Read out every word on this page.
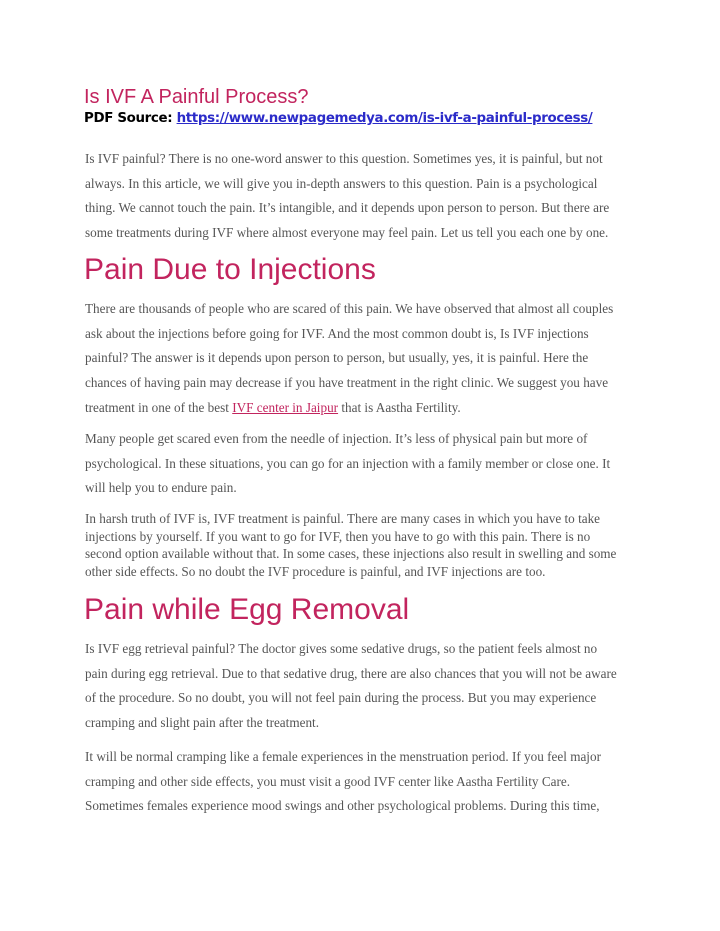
Is IVF A Painful Process?

PDF Source: https://www.newpagemedya.com/is-ivf-a-painful-process/

Is IVF painful? There is no one-word answer to this question. Sometimes yes, it is painful, but not
always. In this article, we will give you in-depth answers to this question. Pain is a psychological
thing. We cannot touch the pain. It’s intangible, and it depends upon person to person. But there are
some treatments during IVF where almost everyone may feel pain. Let us tell you each one by one.

Pain Due to Injections

There are thousands of people who are scared of this pain. We have observed that almost all couples
ask about the injections before going for IVF. And the most common doubt is, Is IVF injections
painful? The answer is it depends upon person to person, but usually, yes, it is painful. Here the
chances of having pain may decrease if you have treatment in the right clinic. We suggest you have
treatment in one of the best IVF center in Jaipur that is Aastha Fertility.

Many people get scared even from the needle of injection. It’s less of physical pain but more of
psychological. In these situations, you can go for an injection with a family member or close one. It
will help you to endure pain.

In harsh truth of IVF is, IVF treatment is painful. There are many cases in which you have to take
injections by yourself. If you want to go for IVF, then you have to go with this pain. There is no
second option available without that. In some cases, these injections also result in swelling and some
other side effects. So no doubt the IVF procedure is painful, and IVF injections are too.

Pain while Egg Removal

Is IVF egg retrieval painful? The doctor gives some sedative drugs, so the patient feels almost no
pain during egg retrieval. Due to that sedative drug, there are also chances that you will not be aware
of the procedure. So no doubt, you will not feel pain during the process. But you may experience
cramping and slight pain after the treatment.

It will be normal cramping like a female experiences in the menstruation period. If you feel major
cramping and other side effects, you must visit a good IVF center like Aastha Fertility Care.
Sometimes females experience mood swings and other psychological problems. During this time,
